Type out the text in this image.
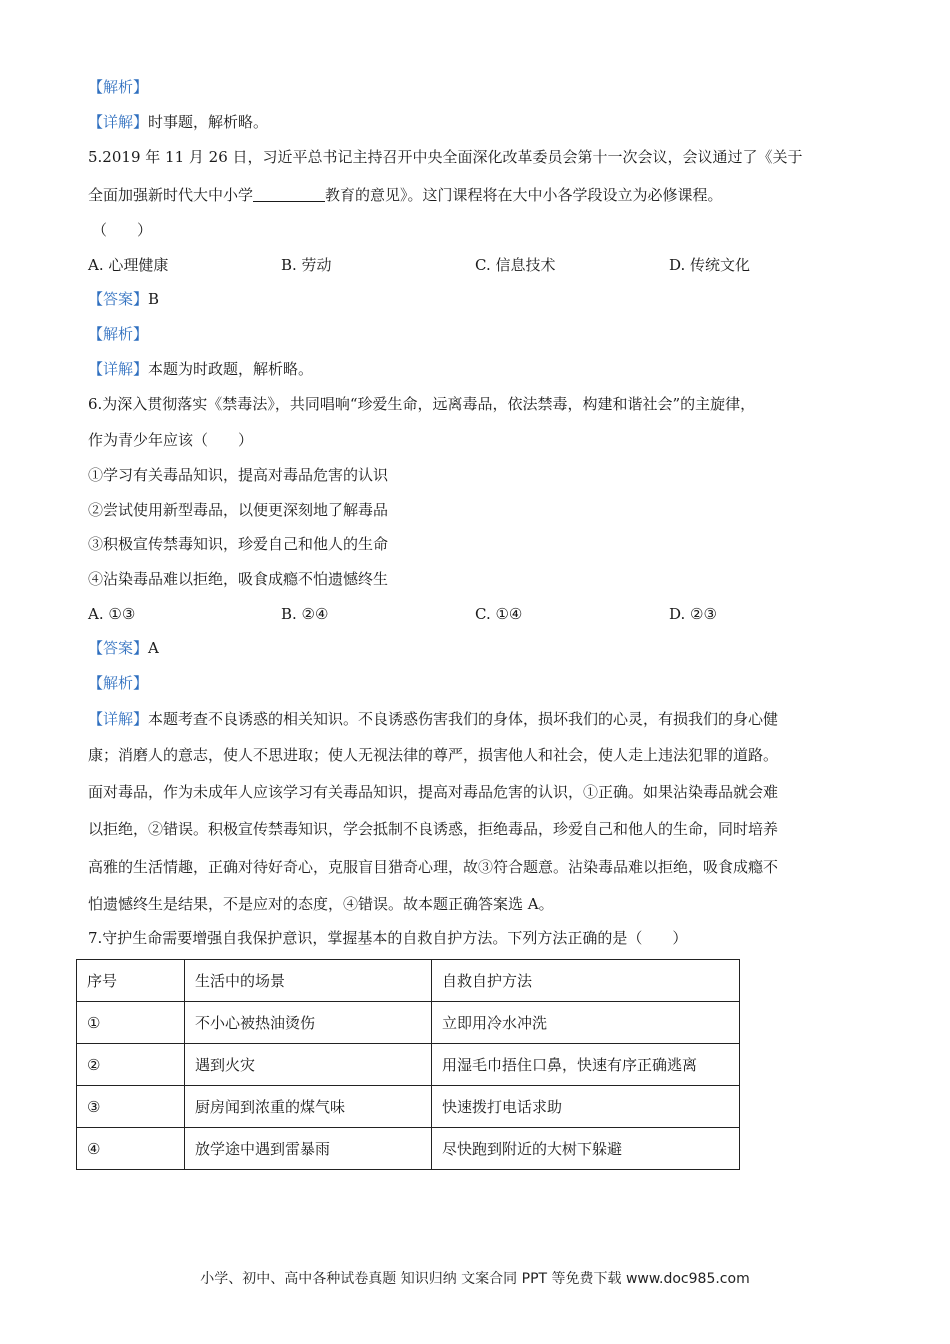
【解析】
【详解】时事题，解析略。
5.2019 年 11 月 26 日，习近平总书记主持召开中央全面深化改革委员会第十一次会议，会议通过了《关于
全面加强新时代大中小学	教育的意见》。这门课程将在大中小各学段设立为必修课程。
（　　）
A. 心理健康	B. 劳动	C. 信息技术	D. 传统文化
【答案】B
【解析】
【详解】本题为时政题，解析略。
6.为深入贯彻落实《禁毒法》，共同唱响“珍爱生命，远离毒品，依法禁毒，构建和谐社会”的主旋律，
作为青少年应该（　　）
①学习有关毒品知识，提高对毒品危害的认识
②尝试使用新型毒品，以便更深刻地了解毒品
③积极宣传禁毒知识，珍爱自己和他人的生命
④沾染毒品难以拒绝，吸食成瘾不怕遗憾终生
A. ①③	B. ②④	C. ①④	D. ②③
【答案】A
【解析】
【详解】本题考查不良诱惑的相关知识。不良诱惑伤害我们的身体，损坏我们的心灵，有损我们的身心健
康；消磨人的意志，使人不思进取；使人无视法律的尊严，损害他人和社会，使人走上违法犯罪的道路。
面对毒品，作为未成年人应该学习有关毒品知识，提高对毒品危害的认识，①正确。如果沾染毒品就会难
以拒绝，②错误。积极宣传禁毒知识，学会抵制不良诱惑，拒绝毒品，珍爱自己和他人的生命，同时培养
高雅的生活情趣，正确对待好奇心，克服盲目猎奇心理，故③符合题意。沾染毒品难以拒绝，吸食成瘾不
怕遗憾终生是结果，不是应对的态度，④错误。故本题正确答案选 A。
7.守护生命需要增强自我保护意识，掌握基本的自救自护方法。下列方法正确的是（　　）
序号	生活中的场景	自救自护方法
①	不小心被热油烫伤	立即用冷水冲洗
②	遇到火灾	用湿毛巾捂住口鼻，快速有序正确逃离
③	厨房闻到浓重的煤气味	快速拨打电话求助
④	放学途中遇到雷暴雨	尽快跑到附近的大树下躲避
小学、初中、高中各种试卷真题 知识归纳 文案合同 PPT 等免费下载 www.doc985.com
